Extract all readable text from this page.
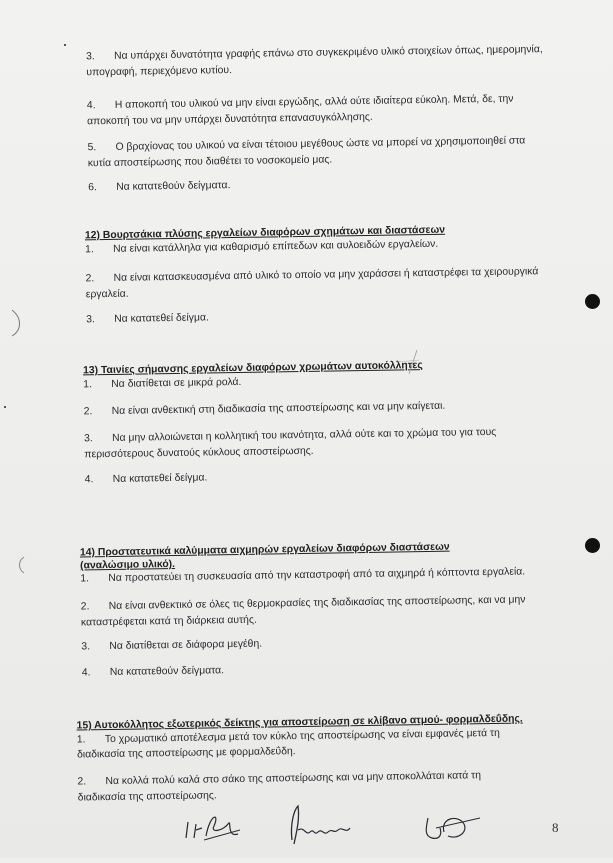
3. Να υπάρχει δυνατότητα γραφής επάνω στο συγκεκριμένο υλικό στοιχείων όπως, ημερομηνία,
υπογραφή, περιεχόμενο κυτίου.
4. Η αποκοπή του υλικού να μην είναι εργώδης, αλλά ούτε ιδιαίτερα εύκολη. Μετά, δε, την
αποκοπή του να μην υπάρχει δυνατότητα επανασυγκόλλησης.
5. Ο βραχίονας του υλικού να είναι τέτοιου μεγέθους ώστε να μπορεί να χρησιμοποιηθεί στα
κυτία αποστείρωσης που διαθέτει το νοσοκομείο μας.
6. Να κατατεθούν δείγματα.
12) Βουρτσάκια πλύσης εργαλείων διαφόρων σχημάτων και διαστάσεων
1. Να είναι κατάλληλα για καθαρισμό επίπεδων και αυλοειδών εργαλείων.
2. Να είναι κατασκευασμένα από υλικό το οποίο να μην χαράσσει ή καταστρέφει τα χειρουργικά
εργαλεία.
3. Να κατατεθεί δείγμα.
13) Ταινίες σήμανσης εργαλείων διαφόρων χρωμάτων αυτοκόλλητες
1. Να διατίθεται σε μικρά ρολά.
2. Να είναι ανθεκτική στη διαδικασία της αποστείρωσης και να μην καίγεται.
3. Να μην αλλοιώνεται η κολλητική του ικανότητα, αλλά ούτε και το χρώμα του για τους
περισσότερους δυνατούς κύκλους αποστείρωσης.
4. Να κατατεθεί δείγμα.
14) Προστατευτικά καλύμματα αιχμηρών εργαλείων διαφόρων διαστάσεων
(αναλώσιμο υλικό).
1. Να προστατεύει τη συσκευασία από την καταστροφή από τα αιχμηρά ή κόπτοντα εργαλεία.
2. Να είναι ανθεκτικό σε όλες τις θερμοκρασίες της διαδικασίας της αποστείρωσης, και να μην
καταστρέφεται κατά τη διάρκεια αυτής.
3. Να διατίθεται σε διάφορα μεγέθη.
4. Να κατατεθούν δείγματα.
15) Αυτοκόλλητος εξωτερικός δείκτης για αποστείρωση σε κλίβανο ατμού- φορμαλδεΰδης.
1. Το χρωματικό αποτέλεσμα μετά τον κύκλο της αποστείρωσης να είναι εμφανές μετά τη
διαδικασία της αποστείρωσης με φορμαλδεΰδη.
2. Να κολλά πολύ καλά στο σάκο της αποστείρωσης και να μην αποκολλάται κατά τη
διαδικασία της αποστείρωσης.
8
